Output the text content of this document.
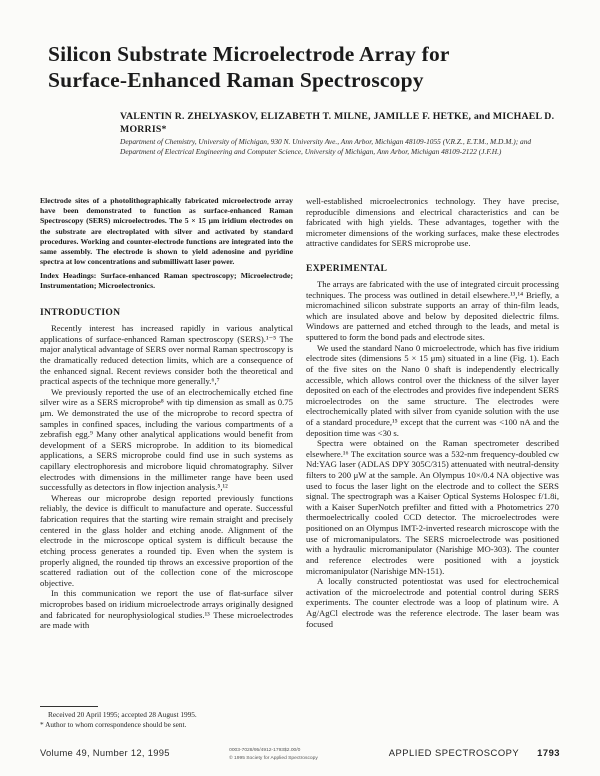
Silicon Substrate Microelectrode Array for
Surface-Enhanced Raman Spectroscopy
VALENTIN R. ZHELYASKOV, ELIZABETH T. MILNE, JAMILLE F. HETKE, and MICHAEL D. MORRIS*
Department of Chemistry, University of Michigan, 930 N. University Ave., Ann Arbor, Michigan 48109-1055 (V.R.Z., E.T.M., M.D.M.); and Department of Electrical Engineering and Computer Science, University of Michigan, Ann Arbor, Michigan 48109-2122 (J.F.H.)

Electrode sites of a photolithographically fabricated microelectrode array have been demonstrated to function as surface-enhanced Raman Spectroscopy (SERS) microelectrodes. The 5 × 15 μm iridium electrodes on the substrate are electroplated with silver and activated by standard procedures. Working and counter-electrode functions are integrated into the same assembly. The electrode is shown to yield adenosine and pyridine spectra at low concentrations and submilliwatt laser power.

Index Headings: Surface-enhanced Raman spectroscopy; Microelectrode; Instrumentation; Microelectronics.

INTRODUCTION

Recently interest has increased rapidly in various analytical applications of surface-enhanced Raman spectroscopy (SERS).¹⁻⁵ The major analytical advantage of SERS over normal Raman spectroscopy is the dramatically reduced detection limits, which are a consequence of the enhanced signal. Recent reviews consider both the theoretical and practical aspects of the technique more generally.⁶,⁷

We previously reported the use of an electrochemically etched fine silver wire as a SERS microprobe⁸ with tip dimension as small as 0.75 μm. We demonstrated the use of the microprobe to record spectra of samples in confined spaces, including the various compartments of a zebrafish egg.⁹ Many other analytical applications would benefit from development of a SERS microprobe. In addition to its biomedical applications, a SERS microprobe could find use in such systems as capillary electrophoresis and microbore liquid chromatography. Silver electrodes with dimensions in the millimeter range have been used successfully as detectors in flow injection analysis.⁵,¹²

Whereas our microprobe design reported previously functions reliably, the device is difficult to manufacture and operate. Successful fabrication requires that the starting wire remain straight and precisely centered in the glass holder and etching anode. Alignment of the electrode in the microscope optical system is difficult because the etching process generates a rounded tip. Even when the system is properly aligned, the rounded tip throws an excessive proportion of the scattered radiation out of the collection cone of the microscope objective.

In this communication we report the use of flat-surface silver microprobes based on iridium microelectrode arrays originally designed and fabricated for neurophysiological studies.¹³ These microelectrodes are made with

Received 20 April 1995; accepted 28 August 1995.
* Author to whom correspondence should be sent.

well-established microelectronics technology. They have precise, reproducible dimensions and electrical characteristics and can be fabricated with high yields. These advantages, together with the micrometer dimensions of the working surfaces, make these electrodes attractive candidates for SERS microprobe use.

EXPERIMENTAL

The arrays are fabricated with the use of integrated circuit processing techniques. The process was outlined in detail elsewhere.¹³,¹⁴ Briefly, a micromachined silicon substrate supports an array of thin-film leads, which are insulated above and below by deposited dielectric films. Windows are patterned and etched through to the leads, and metal is sputtered to form the bond pads and electrode sites.

We used the standard Nano 0 microelectrode, which has five iridium electrode sites (dimensions 5 × 15 μm) situated in a line (Fig. 1). Each of the five sites on the Nano 0 shaft is independently electrically accessible, which allows control over the thickness of the silver layer deposited on each of the electrodes and provides five independent SERS microelectrodes on the same structure. The electrodes were electrochemically plated with silver from cyanide solution with the use of a standard procedure,¹⁵ except that the current was <100 nA and the deposition time was <30 s.

Spectra were obtained on the Raman spectrometer described elsewhere.¹⁶ The excitation source was a 532-nm frequency-doubled cw Nd:YAG laser (ADLAS DPY 305C/315) attenuated with neutral-density filters to 200 μW at the sample. An Olympus 10×/0.4 NA objective was used to focus the laser light on the electrode and to collect the SERS signal. The spectrograph was a Kaiser Optical Systems Holospec f/1.8i, with a Kaiser SuperNotch prefilter and fitted with a Photometrics 270 thermoelectrically cooled CCD detector. The microelectrodes were positioned on an Olympus IMT-2-inverted research microscope with the use of micromanipulators. The SERS microelectrode was positioned with a hydraulic micromanipulator (Narishige MO-303). The counter and reference electrodes were positioned with a joystick micromanipulator (Narishige MN-151).

A locally constructed potentiostat was used for electrochemical activation of the microelectrode and potential control during SERS experiments. The counter electrode was a loop of platinum wire. A Ag/AgCl electrode was the reference electrode. The laser beam was focused

Volume 49, Number 12, 1995	0003-7028/95/4912-1793$2.00/0
© 1995 Society for Applied Spectroscopy	APPLIED SPECTROSCOPY 1793
